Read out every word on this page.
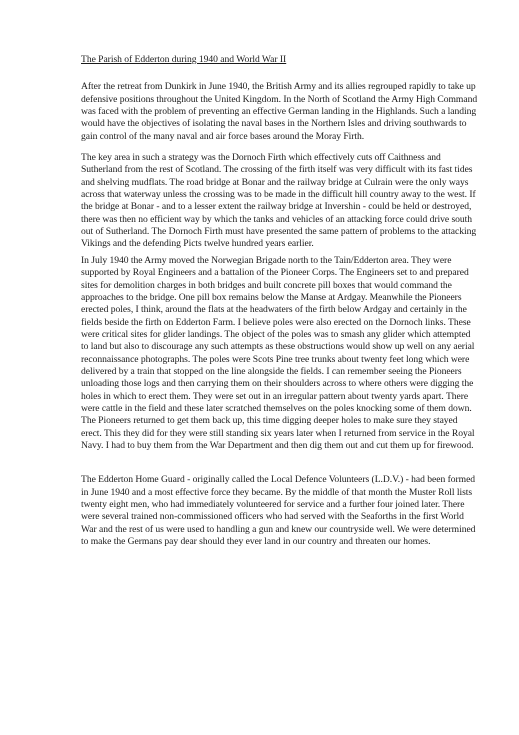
The Parish of Edderton during 1940 and World War II

After the retreat from Dunkirk in June 1940, the British Army and its allies regrouped rapidly to take up defensive positions throughout the United Kingdom. In the North of Scotland the Army High Command was faced with the problem of preventing an effective German landing in the Highlands. Such a landing would have the objectives of isolating the naval bases in the Northern Isles and driving southwards to gain control of the many naval and air force bases around the Moray Firth.

The key area in such a strategy was the Dornoch Firth which effectively cuts off Caithness and Sutherland from the rest of Scotland. The crossing of the firth itself was very difficult with its fast tides and shelving mudflats. The road bridge at Bonar and the railway bridge at Culrain were the only ways across that waterway unless the crossing was to be made in the difficult hill country away to the west. If the bridge at Bonar - and to a lesser extent the railway bridge at Invershin - could be held or destroyed, there was then no efficient way by which the tanks and vehicles of an attacking force could drive south out of Sutherland. The Dornoch Firth must have presented the same pattern of problems to the attacking Vikings and the defending Picts twelve hundred years earlier.

In July 1940 the Army moved the Norwegian Brigade north to the Tain/Edderton area. They were supported by Royal Engineers and a battalion of the Pioneer Corps. The Engineers set to and prepared sites for demolition charges in both bridges and built concrete pill boxes that would command the approaches to the bridge. One pill box remains below the Manse at Ardgay. Meanwhile the Pioneers erected poles, I think, around the flats at the headwaters of the firth below Ardgay and certainly in the fields beside the firth on Edderton Farm. I believe poles were also erected on the Dornoch links. These were critical sites for glider landings. The object of the poles was to smash any glider which attempted to land but also to discourage any such attempts as these obstructions would show up well on any aerial reconnaissance photographs. The poles were Scots Pine tree trunks about twenty feet long which were delivered by a train that stopped on the line alongside the fields. I can remember seeing the Pioneers unloading those logs and then carrying them on their shoulders across to where others were digging the holes in which to erect them. They were set out in an irregular pattern about twenty yards apart. There were cattle in the field and these later scratched themselves on the poles knocking some of them down. The Pioneers returned to get them back up, this time digging deeper holes to make sure they stayed erect. This they did for they were still standing six years later when I returned from service in the Royal Navy. I had to buy them from the War Department and then dig them out and cut them up for firewood.

The Edderton Home Guard - originally called the Local Defence Volunteers (L.D.V.) - had been formed in June 1940 and a most effective force they became. By the middle of that month the Muster Roll lists twenty eight men, who had immediately volunteered for service and a further four joined later. There were several trained non-commissioned officers who had served with the Seaforths in the first World War and the rest of us were used to handling a gun and knew our countryside well. We were determined to make the Germans pay dear should they ever land in our country and threaten our homes.
